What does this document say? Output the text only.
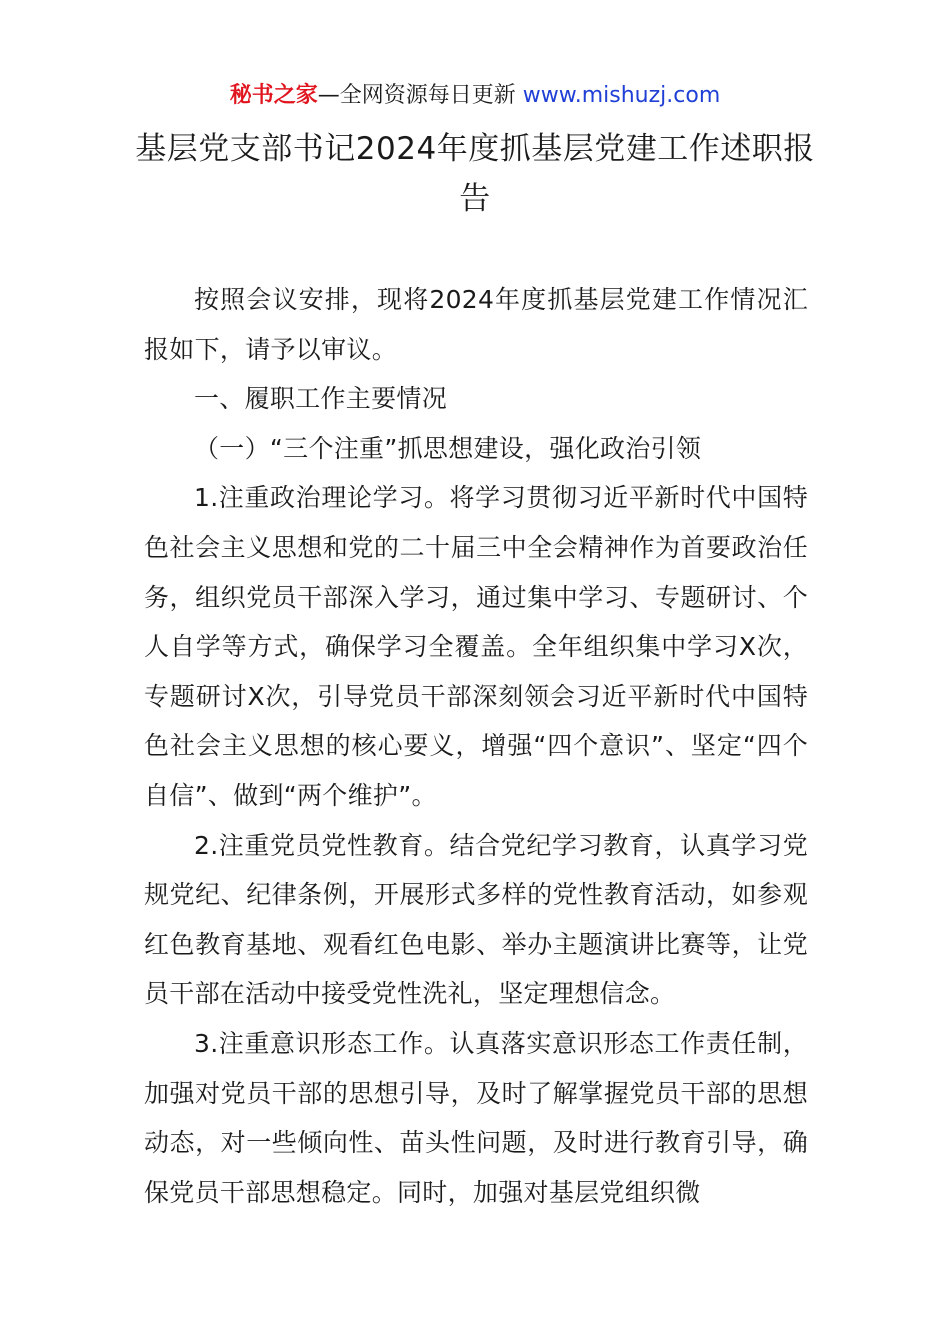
秘书之家—全网资源每日更新 www.mishuzj.com
基层党支部书记2024年度抓基层党建工作述职报告

按照会议安排，现将2024年度抓基层党建工作情况汇报如下，请予以审议。

一、履职工作主要情况

（一）“三个注重”抓思想建设，强化政治引领

1.注重政治理论学习。将学习贯彻习近平新时代中国特色社会主义思想和党的二十届三中全会精神作为首要政治任务，组织党员干部深入学习，通过集中学习、专题研讨、个人自学等方式，确保学习全覆盖。全年组织集中学习X次，专题研讨X次，引导党员干部深刻领会习近平新时代中国特色社会主义思想的核心要义，增强“四个意识”、坚定“四个自信”、做到“两个维护”。

2.注重党员党性教育。结合党纪学习教育，认真学习党规党纪、纪律条例，开展形式多样的党性教育活动，如参观红色教育基地、观看红色电影、举办主题演讲比赛等，让党员干部在活动中接受党性洗礼，坚定理想信念。

3.注重意识形态工作。认真落实意识形态工作责任制，加强对党员干部的思想引导，及时了解掌握党员干部的思想动态，对一些倾向性、苗头性问题，及时进行教育引导，确保党员干部思想稳定。同时，加强对基层党组织微
